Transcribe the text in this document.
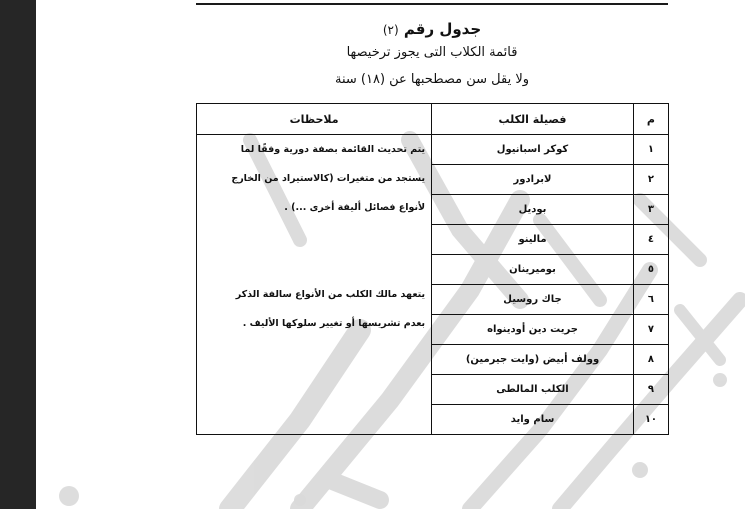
جدول رقم (٢)
قائمة الكلاب التى يجوز ترخيصها
ولا يقل سن مصطحبها عن (١٨) سنة
م	فصيلة الكلب	ملاحظات
١	كوكر اسبانيول	يتم تحديث القائمة بصفة دورية وفقًا لما
يستجد من متغيرات (كالاستيراد من الخارج
لأنواع فصائل أليفة أخرى ...) .
يتعهد مالك الكلب من الأنواع سالفة الذكر
بعدم تشريسها أو تغيير سلوكها الأليف .

٢	لابرادور	
٣	بوديل	
٤	مالينو	
٥	بوميرينان	
٦	جاك روسيل	
٧	جريت دين أودينواه	
٨	وولف أبيض (وايت جيرمين)	
٩	الكلب المالطى	
١٠	سام وايد	
